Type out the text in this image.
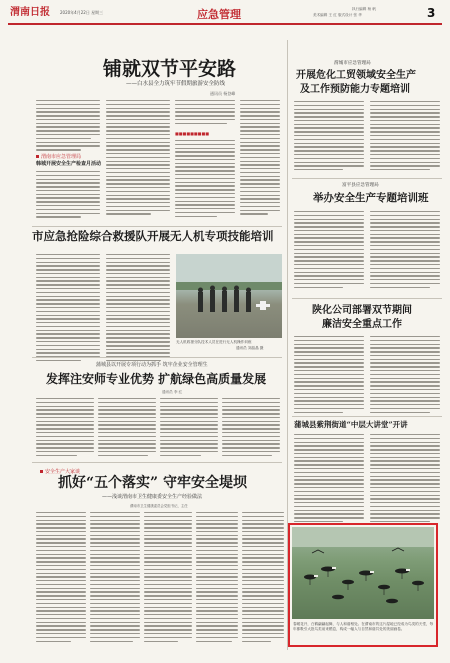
渭南日报	2020年4月22日 星期三	应急管理	执行编辑 杨 帆
美术编辑 王 红 版式设计 张 华	3
铺就双节平安路
——白水县全力筑牢节假期旅游安全防线
通讯员 杨登峰
渭南市应急管理局
韩城开展安全生产检查月活动
■■■■■■■■■
市应急抢险综合救援队开展无人机专项技能培训
无人机救援分队技术人员在进行无人机操作训练
通讯员 刘晶晶 摄
蒲城县以开展专项行动为抓手 筑牢企业安全管理生
发挥注安师专业优势 扩航绿色高质量发展
通讯员 李 红
安全生产大家谈
抓好“五个落实” 守牢安全堤坝
——浅谈渭南市卫生健康委安全生产经验做法
渭南市卫生健康委员会党组书记、主任
渭城市应急管理局
开展危化工贸领域安全生产
及工作预防能力专题培训
富平县应急管理局
举办安全生产专题培训班
陕化公司部署双节期间
廉洁安全重点工作
蒲城县紫荆街道“中层大讲堂”开讲
春暖花开，白鹤翩翩起舞，与人和谐相处。在渭南市的这片湿地已经成为鸟类的天堂，每年都吸引大批鸟类前来栖息，构成一幅人与自然和谐共处的美丽画卷。
